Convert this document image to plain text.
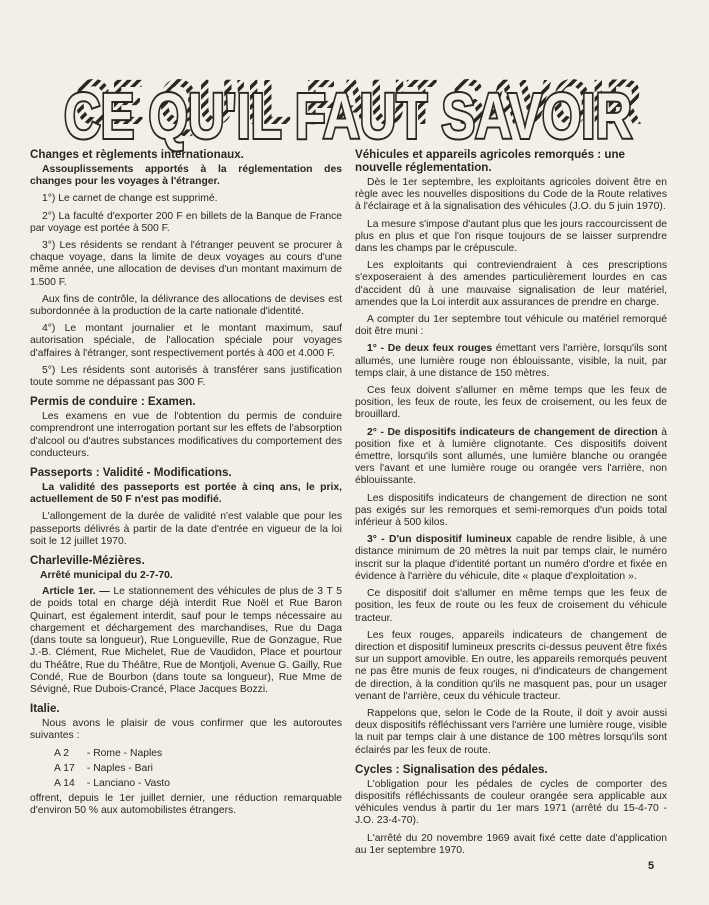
CE QU'IL FAUT SAVOIR
CE QU'IL FAUT SAVOIR
Changes et règlements internationaux.

Assouplissements apportés à la réglementation des changes pour les voyages à l'étranger.

1°) Le carnet de change est supprimé.

2°) La faculté d'exporter 200 F en billets de la Banque de France par voyage est portée à 500 F.

3°) Les résidents se rendant à l'étranger peuvent se procurer à chaque voyage, dans la limite de deux voyages au cours d'une même année, une allocation de devises d'un montant maximum de 1.500 F.

Aux fins de contrôle, la délivrance des allocations de devises est subordonnée à la production de la carte nationale d'identité.

4°) Le montant journalier et le montant maximum, sauf autorisation spéciale, de l'allocation spéciale pour voyages d'affaires à l'étranger, sont respectivement portés à 400 et 4.000 F.

5°) Les résidents sont autorisés à transférer sans justification toute somme ne dépassant pas 300 F.

Permis de conduire : Examen.

Les examens en vue de l'obtention du permis de conduire comprendront une interrogation portant sur les effets de l'absorption d'alcool ou d'autres substances modificatives du comportement des conducteurs.

Passeports : Validité - Modifications.

La validité des passeports est portée à cinq ans, le prix, actuellement de 50 F n'est pas modifié.

L'allongement de la durée de validité n'est valable que pour les passeports délivrés à partir de la date d'entrée en vigueur de la loi soit le 12 juillet 1970.

Charleville-Mézières.
Arrêté municipal du 2-7-70.

Article 1er. — Le stationnement des véhicules de plus de 3 T 5 de poids total en charge déjà interdit Rue Noël et Rue Baron Quinart, est également interdit, sauf pour le temps nécessaire au chargement et déchargement des marchandises, Rue du Daga (dans toute sa longueur), Rue Longueville, Rue de Gonzague, Rue J.-B. Clément, Rue Michelet, Rue de Vaudidon, Place et pourtour du Théâtre, Rue du Théâtre, Rue de Montjoli, Avenue G. Gailly, Rue Condé, Rue de Bourbon (dans toute sa longueur), Rue Mme de Sévigné, Rue Dubois-Crancé, Place Jacques Bozzi.

Italie.

Nous avons le plaisir de vous confirmer que les autoroutes suivantes :

A 2 - Rome - Naples
A 17 - Naples - Bari
A 14 - Lanciano - Vasto

offrent, depuis le 1er juillet dernier, une réduction remarquable d'environ 50 % aux automobilistes étrangers.

Véhicules et appareils agricoles remorqués : une nouvelle réglementation.

Dès le 1er septembre, les exploitants agricoles doivent être en règle avec les nouvelles dispositions du Code de la Route relatives à l'éclairage et à la signalisation des véhicules (J.O. du 5 juin 1970).

La mesure s'impose d'autant plus que les jours raccourcissent de plus en plus et que l'on risque toujours de se laisser surprendre dans les champs par le crépuscule.

Les exploitants qui contreviendraient à ces prescriptions s'exposeraient à des amendes particulièrement lourdes en cas d'accident dû à une mauvaise signalisation de leur matériel, amendes que la Loi interdit aux assurances de prendre en charge.

A compter du 1er septembre tout véhicule ou matériel remorqué doit être muni :

1° - De deux feux rouges émettant vers l'arrière, lorsqu'ils sont allumés, une lumière rouge non éblouissante, visible, la nuit, par temps clair, à une distance de 150 mètres.

Ces feux doivent s'allumer en même temps que les feux de position, les feux de route, les feux de croisement, ou les feux de brouillard.

2° - De dispositifs indicateurs de changement de direction à position fixe et à lumière clignotante. Ces dispositifs doivent émettre, lorsqu'ils sont allumés, une lumière blanche ou orangée vers l'avant et une lumière rouge ou orangée vers l'arrière, non éblouissante.

Les dispositifs indicateurs de changement de direction ne sont pas exigés sur les remorques et semi-remorques d'un poids total inférieur à 500 kilos.

3° - D'un dispositif lumineux capable de rendre lisible, à une distance minimum de 20 mètres la nuit par temps clair, le numéro inscrit sur la plaque d'identité portant un numéro d'ordre et fixée en évidence à l'arrière du véhicule, dite « plaque d'exploitation ».

Ce dispositif doit s'allumer en même temps que les feux de position, les feux de route ou les feux de croisement du véhicule tracteur.

Les feux rouges, appareils indicateurs de changement de direction et dispositif lumineux prescrits ci-dessus peuvent être fixés sur un support amovible. En outre, les appareils remorqués peuvent ne pas être munis de feux rouges, ni d'indicateurs de changement de direction, à la condition qu'ils ne masquent pas, pour un usager venant de l'arrière, ceux du véhicule tracteur.

Rappelons que, selon le Code de la Route, il doit y avoir aussi deux dispositifs réfléchissant vers l'arrière une lumière rouge, visible la nuit par temps clair à une distance de 100 mètres lorsqu'ils sont éclairés par les feux de route.

Cycles : Signalisation des pédales.

L'obligation pour les pédales de cycles de comporter des dispositifs réfléchissants de couleur orangée sera applicable aux véhicules vendus à partir du 1er mars 1971 (arrêté du 15-4-70 - J.O. 23-4-70).

L'arrêté du 20 novembre 1969 avait fixé cette date d'application au 1er septembre 1970.

5
